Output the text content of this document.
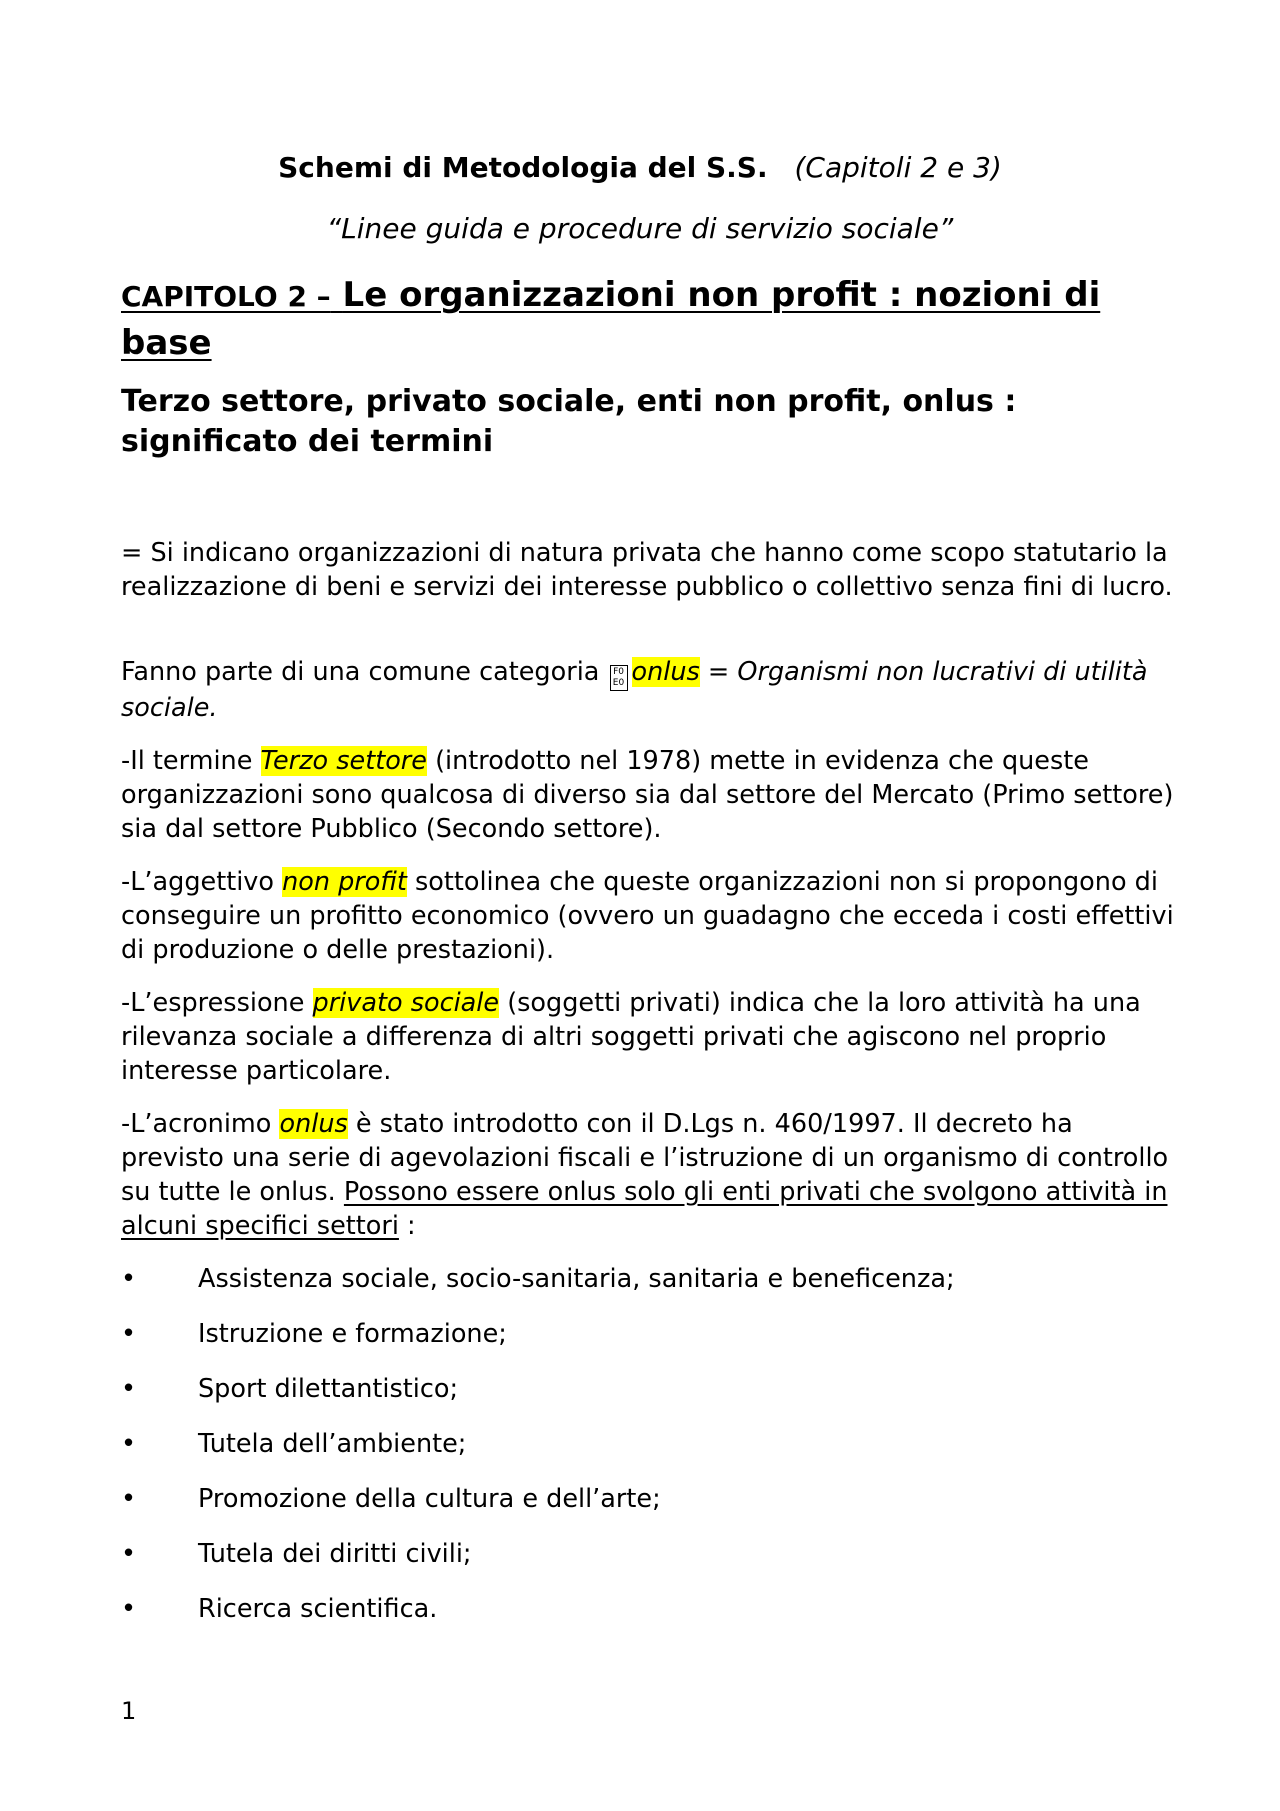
Schemi di Metodologia del S.S. (Capitoli 2 e 3)
“Linee guida e procedure di servizio sociale”
CAPITOLO 2 – Le organizzazioni non profit : nozioni di base
Terzo settore, privato sociale, enti non profit, onlus : significato dei termini
= Si indicano organizzazioni di natura privata che hanno come scopo statutario la realizzazione di beni e servizi dei interesse pubblico o collettivo senza fini di lucro.
Fanno parte di una comune categoria F0 E0 onlus = Organismi non lucrativi di utilità sociale.
-Il termine Terzo settore (introdotto nel 1978) mette in evidenza che queste organizzazioni sono qualcosa di diverso sia dal settore del Mercato (Primo settore) sia dal settore Pubblico (Secondo settore).
-L’aggettivo non profit sottolinea che queste organizzazioni non si propongono di conseguire un profitto economico (ovvero un guadagno che ecceda i costi effettivi di produzione o delle prestazioni).
-L’espressione privato sociale (soggetti privati) indica che la loro attività ha una rilevanza sociale a differenza di altri soggetti privati che agiscono nel proprio interesse particolare.
-L’acronimo onlus è stato introdotto con il D.Lgs n. 460/1997. Il decreto ha previsto una serie di agevolazioni fiscali e l’istruzione di un organismo di controllo su tutte le onlus. Possono essere onlus solo gli enti privati che svolgono attività in alcuni specifici settori :
• Assistenza sociale, socio-sanitaria, sanitaria e beneficenza;
• Istruzione e formazione;
• Sport dilettantistico;
• Tutela dell’ambiente;
• Promozione della cultura e dell’arte;
• Tutela dei diritti civili;
• Ricerca scientifica.
1
